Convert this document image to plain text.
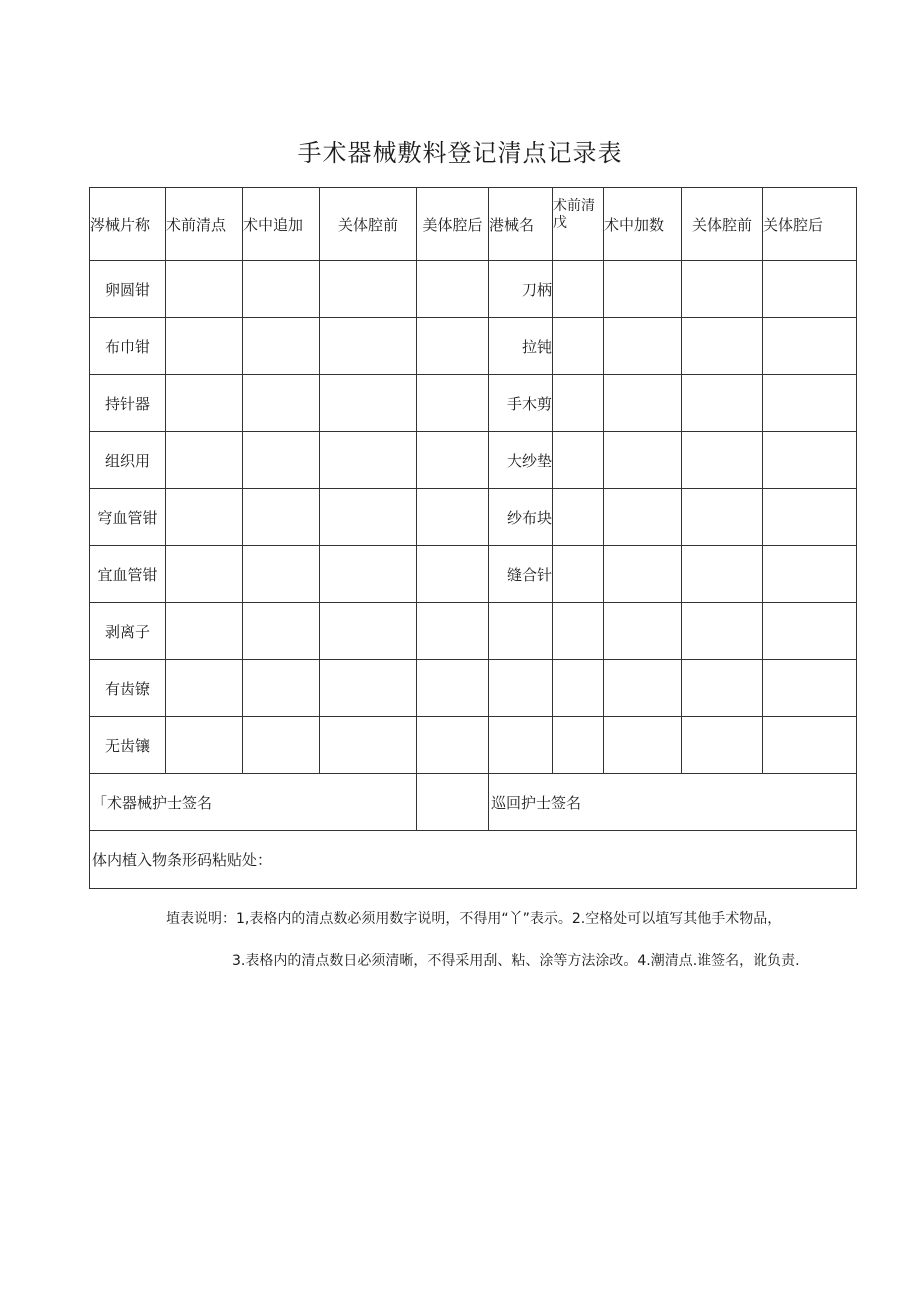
手术器械敷料登记清点记录表
涔械片称	术前清点	术中追加	关体腔前	美体腔后	港械名	术前清戊	术中加数	关体腔前	关体腔后
卵圆钳					刀柄				
布巾钳					拉钝				
持针器					手木剪				
组织用					大纱垫				
穹血管钳					纱布块				
宜血管钳					缝合针				
剥离子									
有齿镣									
无齿镶									
「术器械护士签名					巡回护士签名				
体内植入物条形码粘贴处：									
埴表说明：1,表格内的清点数必须用数字说明，不得用“丫”表示。2.空格处可以埴写其他手术物品，
3.表格内的清点数日必须清晰，不得采用刮、粘、涂等方法涂改。4.潮清点.谁签名，讹负责.
